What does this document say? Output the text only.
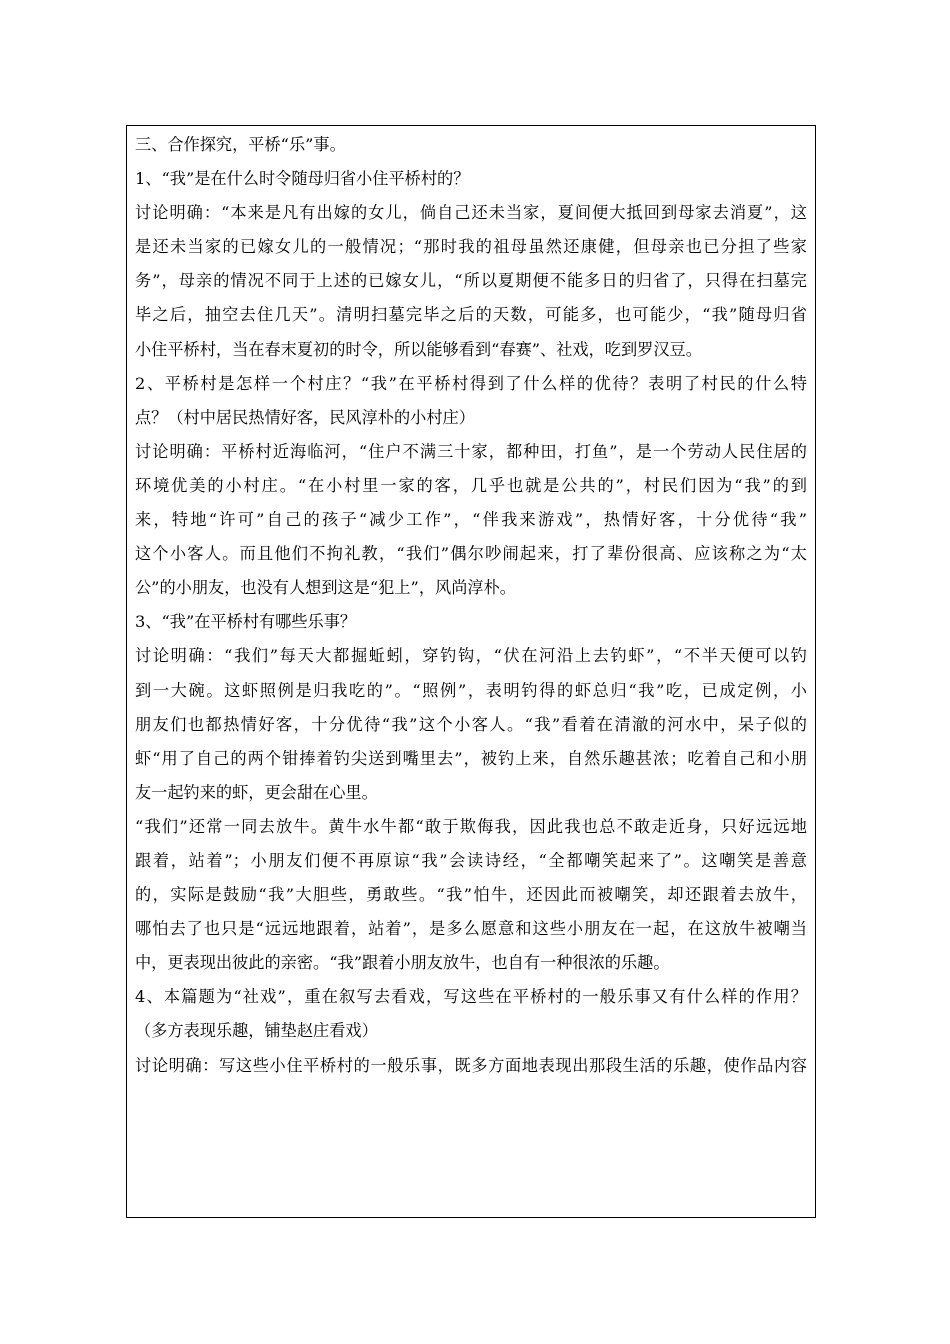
三、合作探究，平桥“乐”事。
1、“我”是在什么时令随母归省小住平桥村的？
讨论明确：“本来是凡有出嫁的女儿，倘自己还未当家，夏间便大抵回到母家去消夏”，这
是还未当家的已嫁女儿的一般情况；“那时我的祖母虽然还康健，但母亲也已分担了些家
务”，母亲的情况不同于上述的已嫁女儿，“所以夏期便不能多日的归省了，只得在扫墓完
毕之后，抽空去住几天”。清明扫墓完毕之后的天数，可能多，也可能少，“我”随母归省
小住平桥村，当在春末夏初的时令，所以能够看到“春赛”、社戏，吃到罗汉豆。
2、平桥村是怎样一个村庄？“我”在平桥村得到了什么样的优待？表明了村民的什么特
点？（村中居民热情好客，民风淳朴的小村庄）
讨论明确：平桥村近海临河，“住户不满三十家，都种田，打鱼”，是一个劳动人民住居的
环境优美的小村庄。“在小村里一家的客，几乎也就是公共的”，村民们因为“我”的到
来，特地“许可”自己的孩子“减少工作”，“伴我来游戏”，热情好客，十分优待“我”
这个小客人。而且他们不拘礼教，“我们”偶尔吵闹起来，打了辈份很高、应该称之为“太
公”的小朋友，也没有人想到这是“犯上”，风尚淳朴。
3、“我”在平桥村有哪些乐事？
讨论明确：“我们”每天大都掘蚯蚓，穿钓钩，“伏在河沿上去钓虾”，“不半天便可以钓
到一大碗。这虾照例是归我吃的”。“照例”，表明钓得的虾总归“我”吃，已成定例，小
朋友们也都热情好客，十分优待“我”这个小客人。“我”看着在清澈的河水中，呆子似的
虾“用了自己的两个钳捧着钓尖送到嘴里去”，被钓上来，自然乐趣甚浓；吃着自己和小朋
友一起钓来的虾，更会甜在心里。
“我们”还常一同去放牛。黄牛水牛都“敢于欺侮我，因此我也总不敢走近身，只好远远地
跟着，站着”；小朋友们便不再原谅“我”会读诗经，“全都嘲笑起来了”。这嘲笑是善意
的，实际是鼓励“我”大胆些，勇敢些。“我”怕牛，还因此而被嘲笑，却还跟着去放牛，
哪怕去了也只是“远远地跟着，站着”，是多么愿意和这些小朋友在一起，在这放牛被嘲当
中，更表现出彼此的亲密。“我”跟着小朋友放牛，也自有一种很浓的乐趣。
4、本篇题为“社戏”，重在叙写去看戏，写这些在平桥村的一般乐事又有什么样的作用？
（多方表现乐趣，铺垫赵庄看戏）
讨论明确：写这些小住平桥村的一般乐事，既多方面地表现出那段生活的乐趣，使作品内容
